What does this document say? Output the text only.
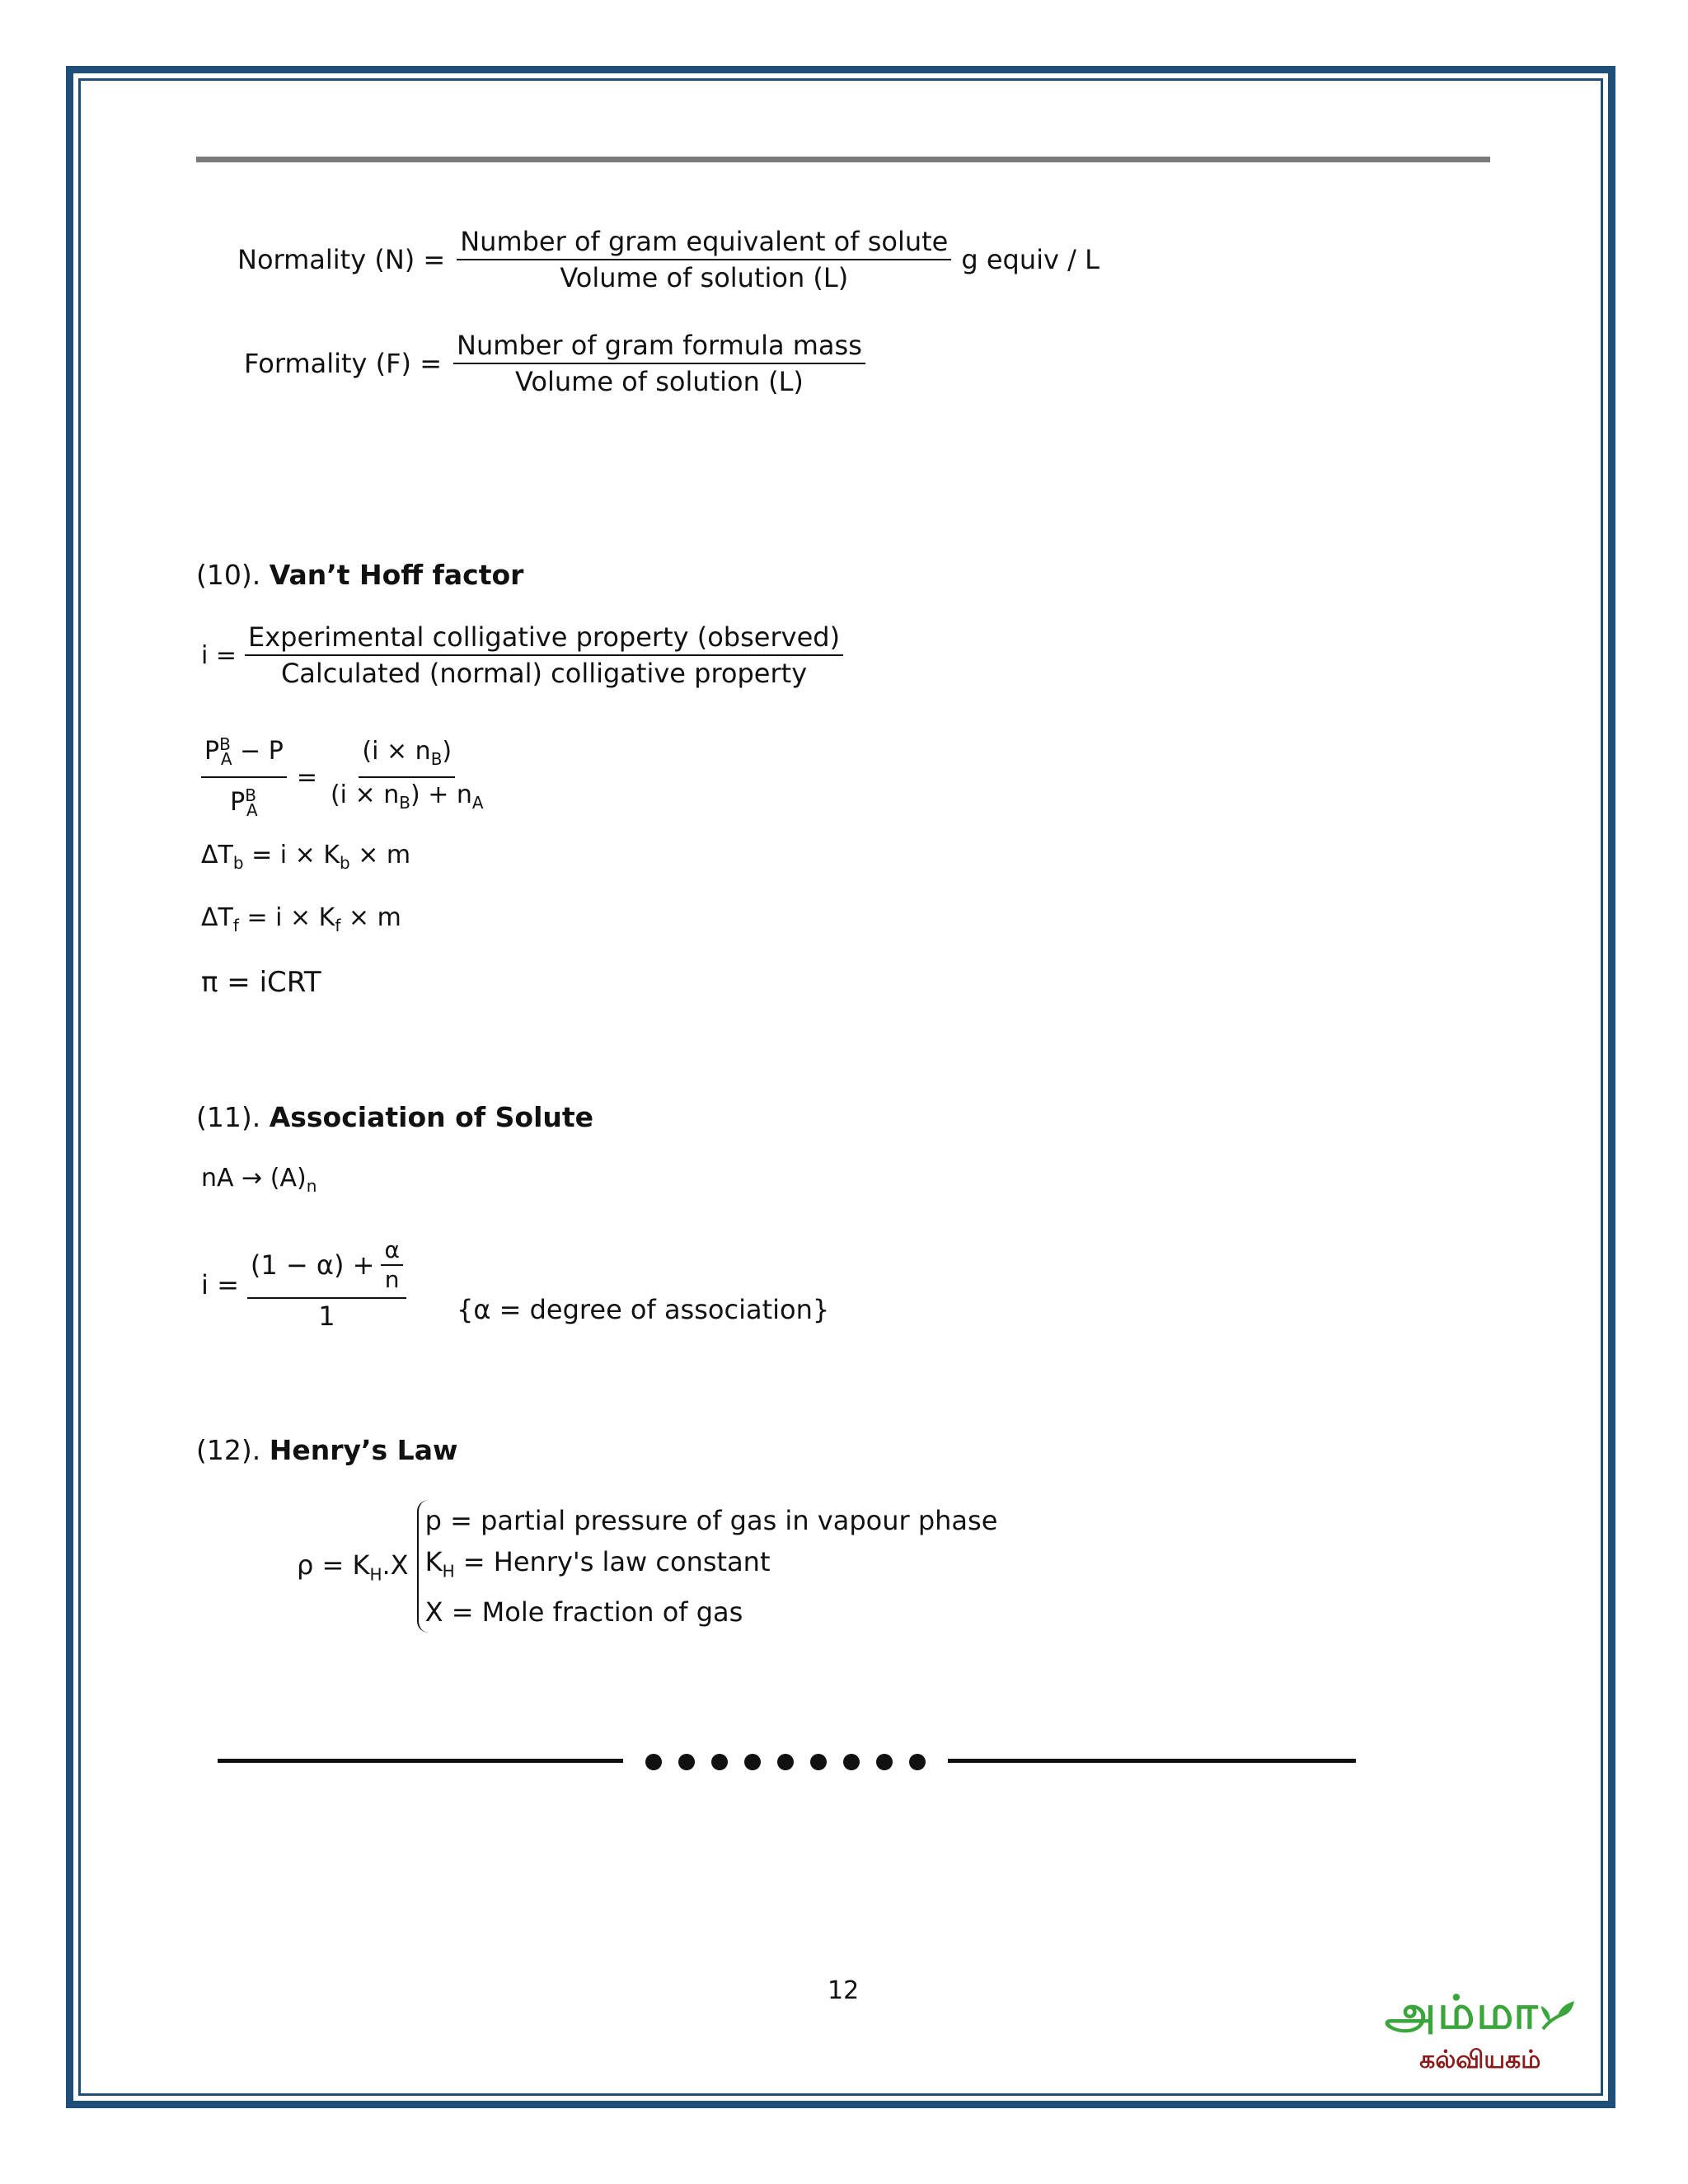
Normality $(N) = \frac{\text{Number of gram equivalent of solute}}{\text{Volume of solution (L)}}$ g equiv / L
Formality $(F) = \frac{\text{Number of gram formula mass}}{\text{Volume of solution (L)}}$
(10). Van’t Hoff factor
$i = \frac{\text{Experimental colligative property (observed)}}{\text{Calculated (normal) colligative property}}$
$\frac{P^B_A - P}{P^B_A} = \frac{(i \times n_B)}{(i \times n_B) + n_A}$
$\Delta T_b = i \times K_b \times m$
$\Delta T_f = i \times K_f \times m$
π = iCRT
(11). Association of Solute
nA → $(A)_n$
$i = \frac{(1 - \alpha) + \frac{\alpha}{n}}{1} \{\alpha$ = degree of association}
(12). Henry’s Law
$\rho = K_H.X$
p = partial pressure of gas in vapour phase
$K_H$ = Henry's law constant
X = Mole fraction of gas
12	அம்மா
கல்வியகம்
